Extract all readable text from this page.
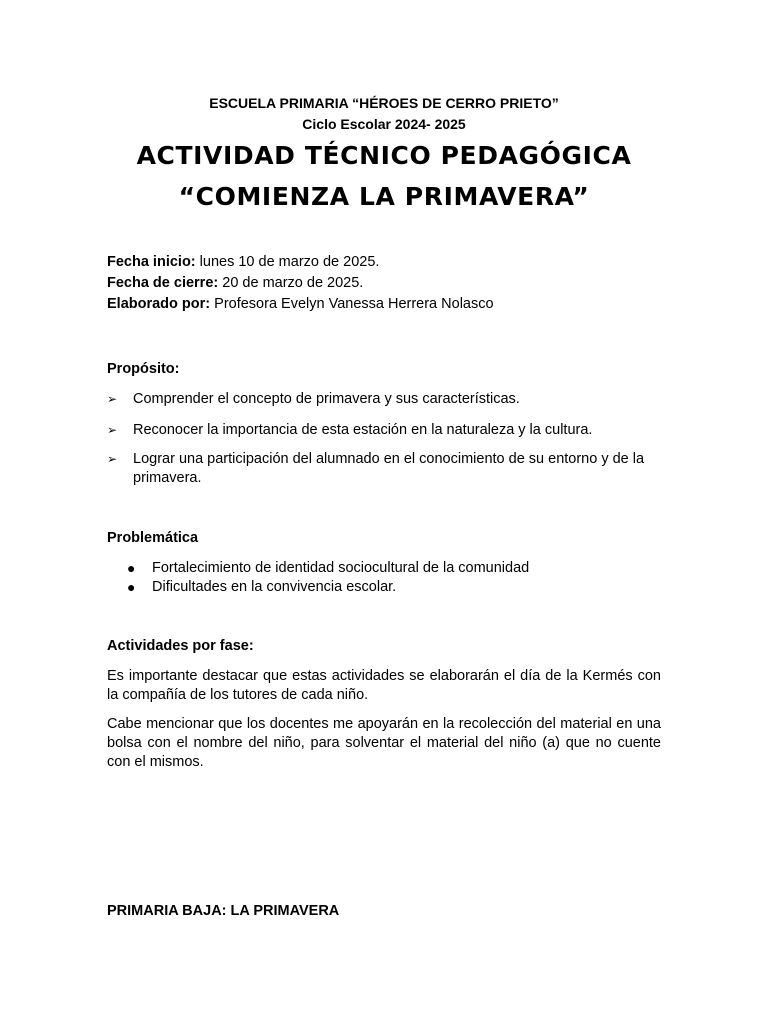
ESCUELA PRIMARIA “HÉROES DE CERRO PRIETO”
Ciclo Escolar 2024- 2025
ACTIVIDAD TÉCNICO PEDAGÓGICA
“COMIENZA LA PRIMAVERA”
Fecha inicio: lunes 10 de marzo de 2025.
Fecha de cierre: 20 de marzo de 2025.
Elaborado por: Profesora Evelyn Vanessa Herrera Nolasco
Propósito:
➢ Comprender el concepto de primavera y sus características.
➢ Reconocer la importancia de esta estación en la naturaleza y la cultura.
➢ Lograr una participación del alumnado en el conocimiento de su entorno y de la primavera.
Problemática
● Fortalecimiento de identidad sociocultural de la comunidad
● Dificultades en la convivencia escolar.
Actividades por fase:
Es importante destacar que estas actividades se elaborarán el día de la Kermés con la compañía de los tutores de cada niño.
Cabe mencionar que los docentes me apoyarán en la recolección del material en una bolsa con el nombre del niño, para solventar el material del niño (a) que no cuente con el mismos.
PRIMARIA BAJA: LA PRIMAVERA
